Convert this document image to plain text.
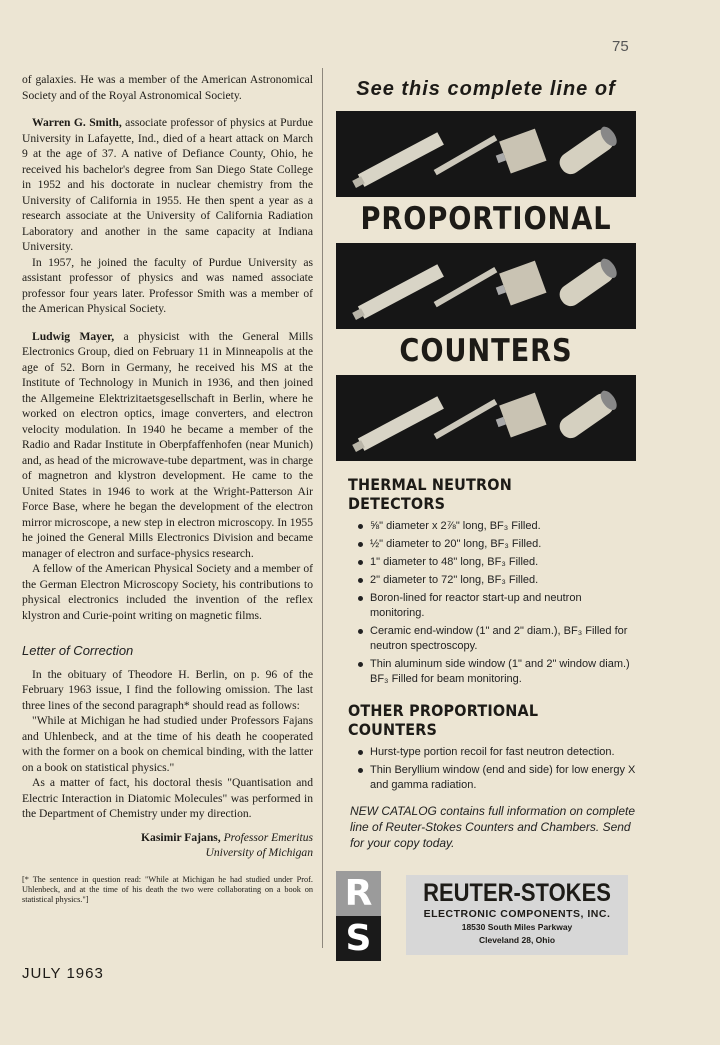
75

of galaxies. He was a member of the American Astronomical Society and of the Royal Astronomical Society.

Warren G. Smith, associate professor of physics at Purdue University in Lafayette, Ind., died of a heart attack on March 9 at the age of 37. A native of Defiance County, Ohio, he received his bachelor's degree from San Diego State College in 1952 and his doctorate in nuclear chemistry from the University of California in 1955. He then spent a year as a research associate at the University of California Radiation Laboratory and another in the same capacity at Indiana University.

In 1957, he joined the faculty of Purdue University as assistant professor of physics and was named associate professor four years later. Professor Smith was a member of the American Physical Society.

Ludwig Mayer, a physicist with the General Mills Electronics Group, died on February 11 in Minneapolis at the age of 52. Born in Germany, he received his MS at the Institute of Technology in Munich in 1936, and then joined the Allgemeine Elektrizitaetsgesellschaft in Berlin, where he worked on electron optics, image converters, and electron velocity modulation. In 1940 he became a member of the Radio and Radar Institute in Oberpfaffenhofen (near Munich) and, as head of the microwave-tube department, was in charge of magnetron and klystron development. He came to the United States in 1946 to work at the Wright-Patterson Air Force Base, where he began the development of the electron mirror microscope, a new step in electron microscopy. In 1955 he joined the General Mills Electronics Division and became manager of electron and surface-physics research.

A fellow of the American Physical Society and a member of the German Electron Microscopy Society, his contributions to physical electronics included the invention of the reflex klystron and Curie-point writing on magnetic films.

Letter of Correction

In the obituary of Theodore H. Berlin, on p. 96 of the February 1963 issue, I find the following omission. The last three lines of the second paragraph* should read as follows:

"While at Michigan he had studied under Professors Fajans and Uhlenbeck, and at the time of his death he cooperated with the former on a book on chemical binding, with the latter on a book on statistical physics."

As a matter of fact, his doctoral thesis "Quantisation and Electric Interaction in Diatomic Molecules" was performed in the Department of Chemistry under my direction.

Kasimir Fajans, Professor Emeritus
University of Michigan
[* The sentence in question read: "While at Michigan he had studied under Prof. Uhlenbeck, and at the time of his death the two were collaborating on a book on statistical physics."]
JULY 1963
See this complete line of
PROPORTIONAL
COUNTERS
THERMAL NEUTRON DETECTORS
⅝" diameter x 2⅞" long, BF₃ Filled.
½" diameter to 20" long, BF₃ Filled.
1" diameter to 48" long, BF₃ Filled.
2" diameter to 72" long, BF₃ Filled.
Boron-lined for reactor start-up and neutron monitoring.
Ceramic end-window (1" and 2" diam.), BF₃ Filled for neutron spectroscopy.
Thin aluminum side window (1" and 2" window diam.) BF₃ Filled for beam monitoring.
OTHER PROPORTIONAL COUNTERS
Hurst-type portion recoil for fast neutron detection.
Thin Beryllium window (end and side) for low energy X and gamma radiation.
NEW CATALOG contains full information on complete line of Reuter-Stokes Counters and Chambers. Send for your copy today.
R
S
REUTER-STOKES
ELECTRONIC COMPONENTS, INC.
18530 South Miles Parkway
Cleveland 28, Ohio
